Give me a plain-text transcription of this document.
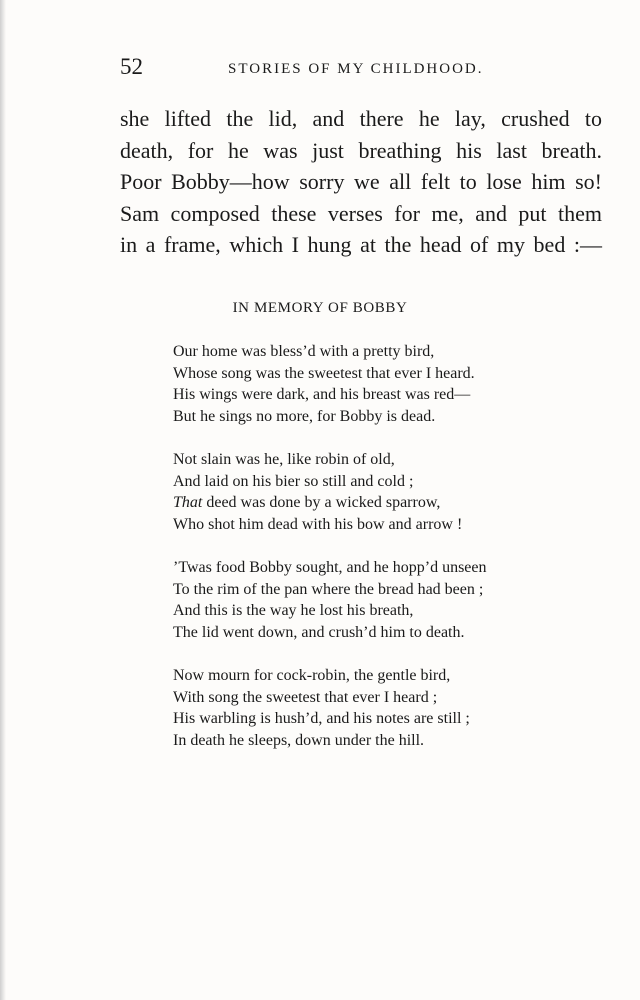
52	STORIES OF MY CHILDHOOD.
she lifted the lid, and there he lay, crushed to
death, for he was just breathing his last breath.
Poor Bobby—how sorry we all felt to lose him so!
Sam composed these verses for me, and put them
in a frame, which I hung at the head of my bed :—
IN MEMORY OF BOBBY
Our home was bless’d with a pretty bird,
Whose song was the sweetest that ever I heard.
His wings were dark, and his breast was red—
But he sings no more, for Bobby is dead.
Not slain was he, like robin of old,
And laid on his bier so still and cold ;
That deed was done by a wicked sparrow,
Who shot him dead with his bow and arrow !
’Twas food Bobby sought, and he hopp’d unseen
To the rim of the pan where the bread had been ;
And this is the way he lost his breath,
The lid went down, and crush’d him to death.
Now mourn for cock-robin, the gentle bird,
With song the sweetest that ever I heard ;
His warbling is hush’d, and his notes are still ;
In death he sleeps, down under the hill.
